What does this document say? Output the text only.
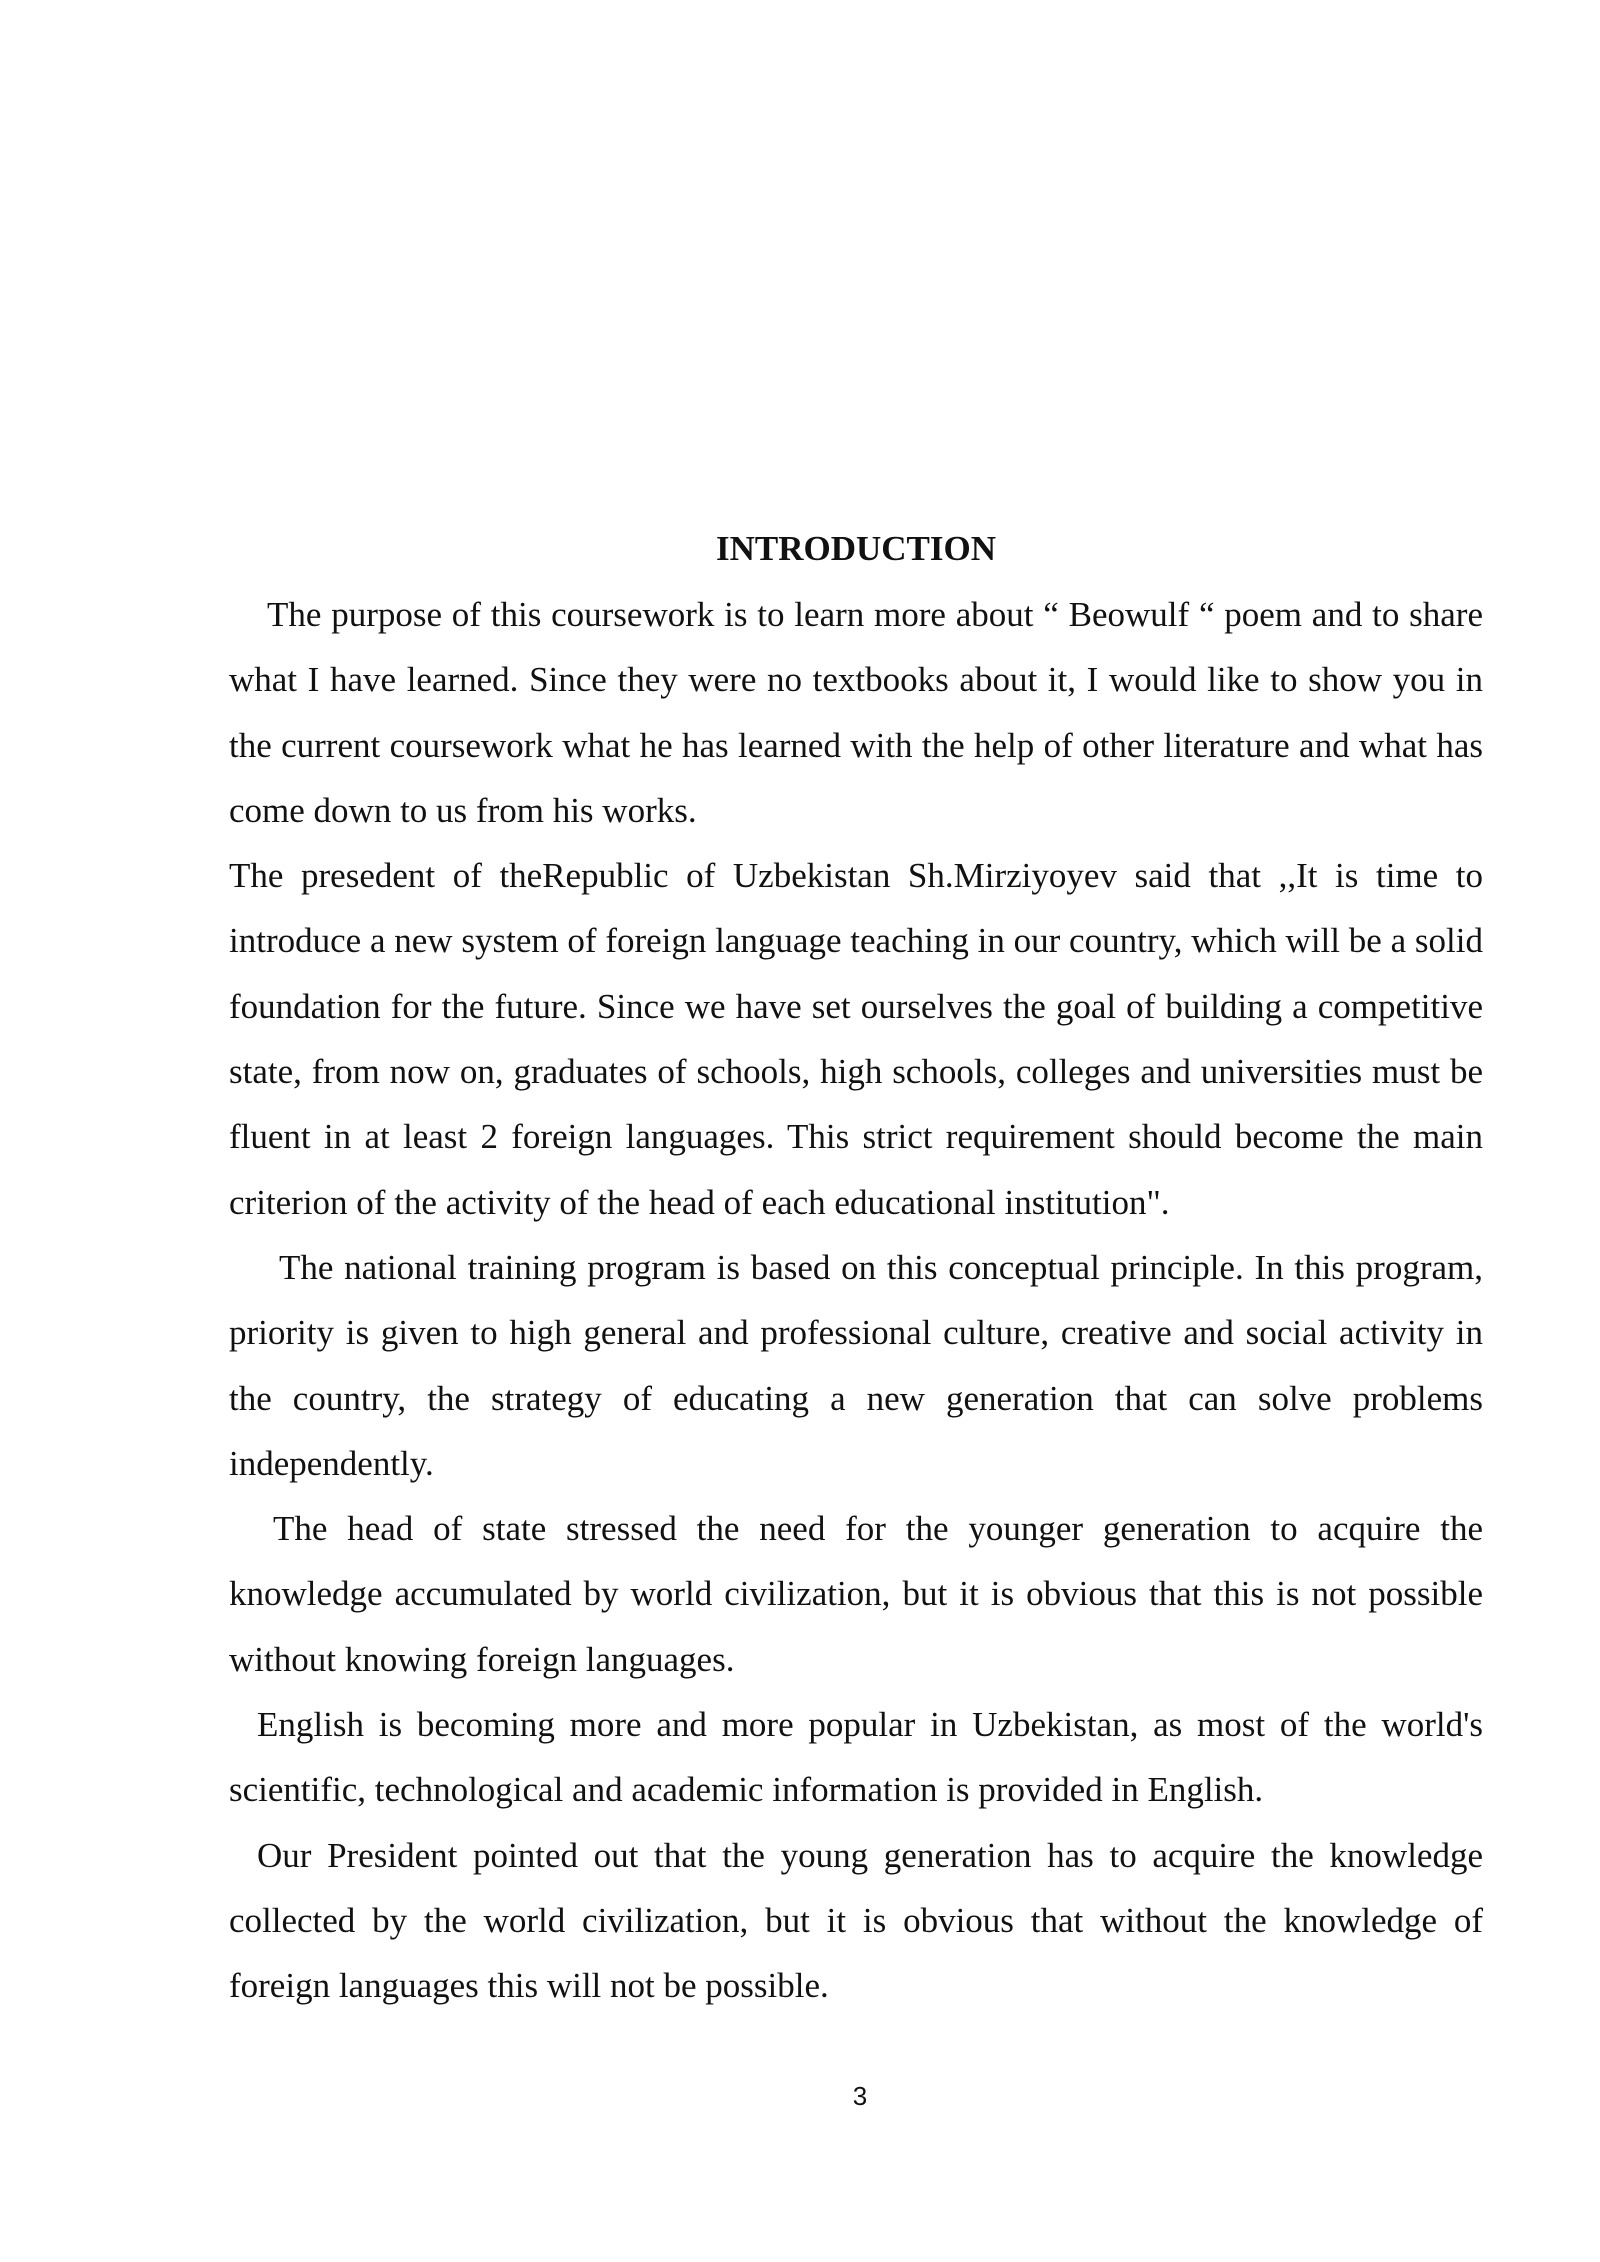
INTRODUCTION

The purpose of this coursework is to learn more about “ Beowulf “ poem and to share what I have learned. Since they were no textbooks about it, I would like to show you in the current coursework what he has learned with the help of other literature and what has come down to us from his works.

The presedent of theRepublic of Uzbekistan Sh.Mirziyoyev said that ,,It is time to introduce a new system of foreign language teaching in our country, which will be a solid foundation for the future. Since we have set ourselves the goal of building a competitive state, from now on, graduates of schools, high schools, colleges and universities must be fluent in at least 2 foreign languages. This strict requirement should become the main criterion of the activity of the head of each educational institution".

The national training program is based on this conceptual principle. In this program, priority is given to high general and professional culture, creative and social activity in the country, the strategy of educating a new generation that can solve problems independently.

The head of state stressed the need for the younger generation to acquire the knowledge accumulated by world civilization, but it is obvious that this is not possible without knowing foreign languages.

English is becoming more and more popular in Uzbekistan, as most of the world's scientific, technological and academic information is provided in English.

Our President pointed out that the young generation has to acquire the knowledge collected by the world civilization, but it is obvious that without the knowledge of foreign languages this will not be possible.

3
